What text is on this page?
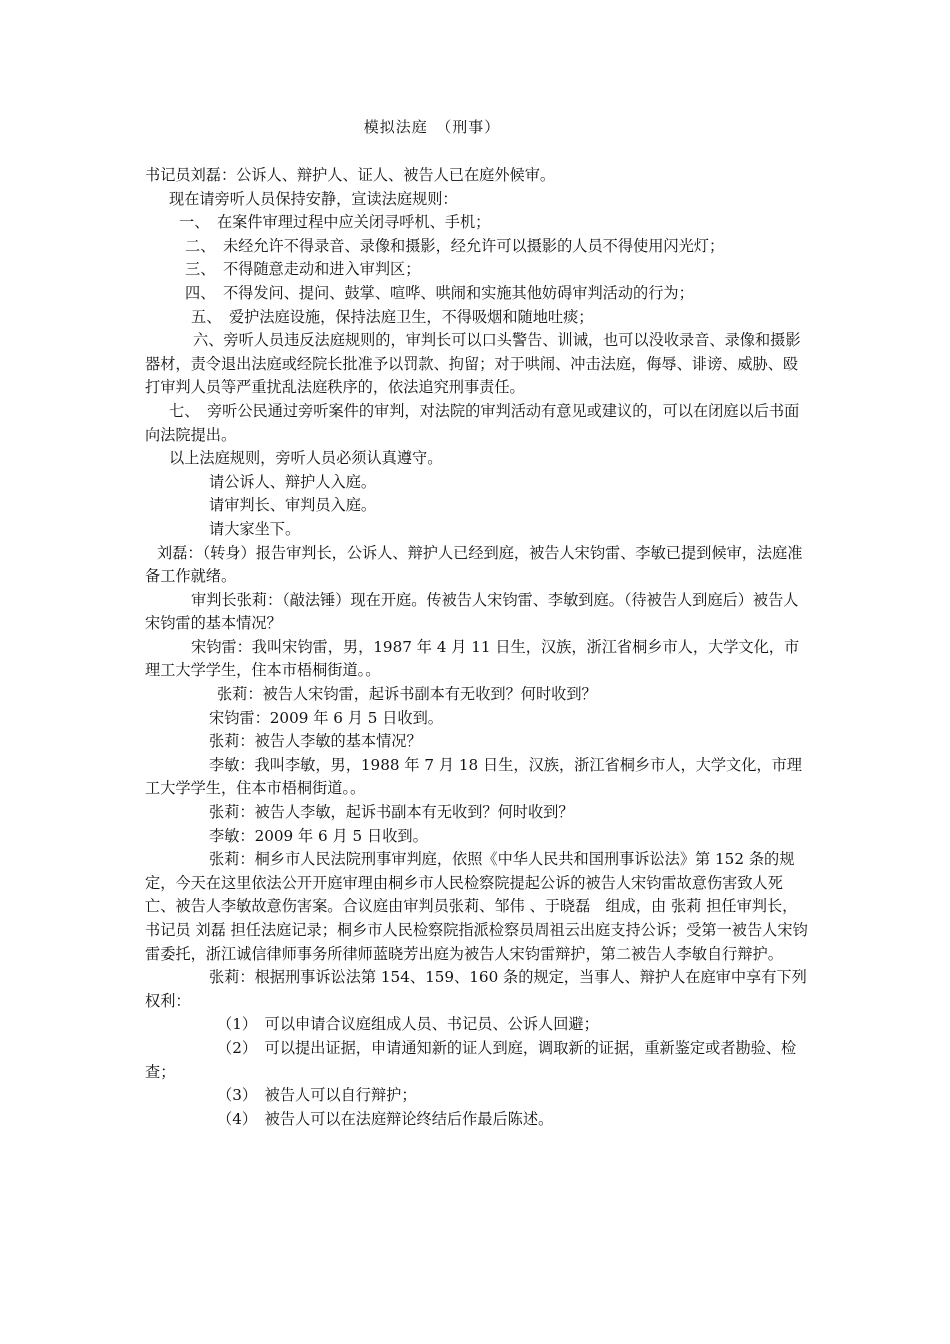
模拟法庭　（刑事）

书记员刘磊：公诉人、辩护人、证人、被告人已在庭外候审。

现在请旁听人员保持安静，宣读法庭规则：

一、　在案件审理过程中应关闭寻呼机、手机；

二、　未经允许不得录音、录像和摄影，经允许可以摄影的人员不得使用闪光灯；

三、　不得随意走动和进入审判区；

四、　不得发问、提问、鼓掌、喧哗、哄闹和实施其他妨碍审判活动的行为；

五、　爱护法庭设施，保持法庭卫生，不得吸烟和随地吐痰；

六、旁听人员违反法庭规则的，审判长可以口头警告、训诫，也可以没收录音、录像和摄影器材，责令退出法庭或经院长批准予以罚款、拘留；对于哄闹、冲击法庭，侮辱、诽谤、威胁、殴打审判人员等严重扰乱法庭秩序的，依法追究刑事责任。

七、　旁听公民通过旁听案件的审判，对法院的审判活动有意见或建议的，可以在闭庭以后书面向法院提出。

以上法庭规则，旁听人员必须认真遵守。

请公诉人、辩护人入庭。

请审判长、审判员入庭。

请大家坐下。

刘磊：（转身）报告审判长，公诉人、辩护人已经到庭，被告人宋钧雷、李敏已提到候审，法庭准备工作就绪。

审判长张莉：（敲法锤）现在开庭。传被告人宋钧雷、李敏到庭。（待被告人到庭后）被告人宋钧雷的基本情况？

宋钧雷：我叫宋钧雷，男，1987 年 4 月 11 日生，汉族，浙江省桐乡市人，大学文化，市理工大学学生，住本市梧桐街道。。

张莉：被告人宋钧雷，起诉书副本有无收到？何时收到？

宋钧雷：2009 年 6 月 5 日收到。

张莉：被告人李敏的基本情况？

李敏：我叫李敏，男，1988 年 7 月 18 日生，汉族，浙江省桐乡市人，大学文化，市理工大学学生，住本市梧桐街道。。

张莉：被告人李敏，起诉书副本有无收到？何时收到？

李敏：2009 年 6 月 5 日收到。

张莉：桐乡市人民法院刑事审判庭，依照《中华人民共和国刑事诉讼法》第 152 条的规定，今天在这里依法公开开庭审理由桐乡市人民检察院提起公诉的被告人宋钧雷故意伤害致人死亡、被告人李敏故意伤害案。合议庭由审判员张莉、邹伟 、于晓磊　组成，由 张莉 担任审判长，书记员 刘磊 担任法庭记录；桐乡市人民检察院指派检察员周祖云出庭支持公诉；受第一被告人宋钧雷委托，浙江诚信律师事务所律师蓝晓芳出庭为被告人宋钧雷辩护，第二被告人李敏自行辩护。

张莉：根据刑事诉讼法第 154、159、160 条的规定，当事人、辩护人在庭审中享有下列权利：

（1）　可以申请合议庭组成人员、书记员、公诉人回避；

（2）　可以提出证据，申请通知新的证人到庭，调取新的证据，重新鉴定或者勘验、检查；

（3）　被告人可以自行辩护；

（4）　被告人可以在法庭辩论终结后作最后陈述。
